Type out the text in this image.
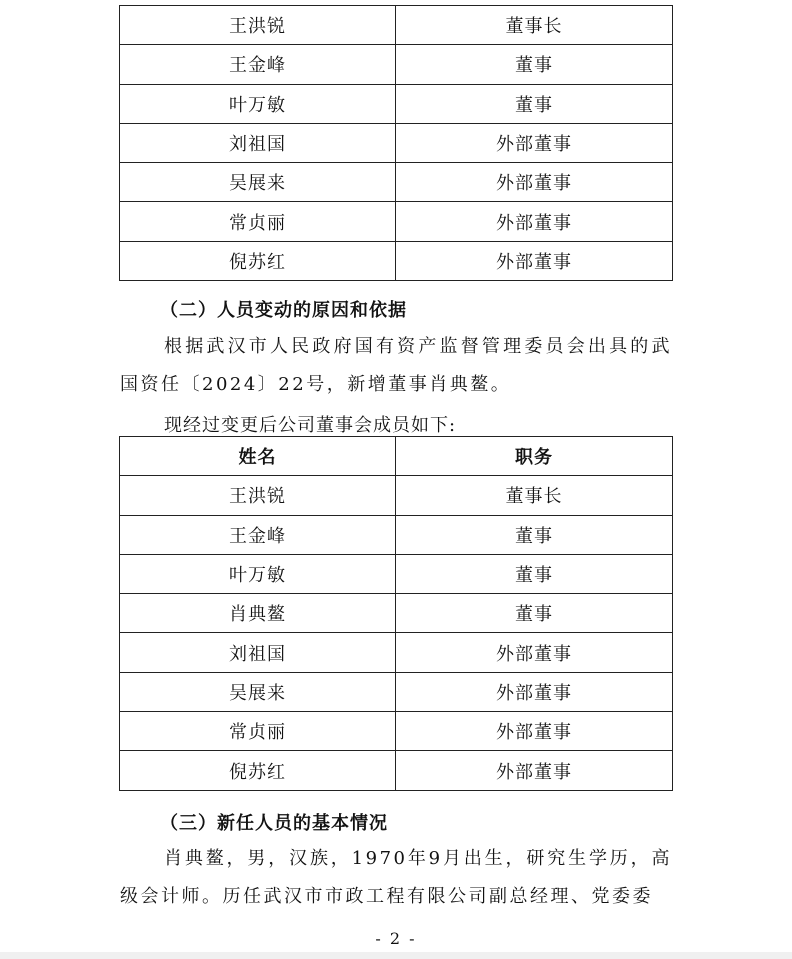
王洪锐	董事长
王金峰	董事
叶万敏	董事
刘祖国	外部董事
吴展来	外部董事
常贞丽	外部董事
倪苏红	外部董事
（二）人员变动的原因和依据

根据武汉市人民政府国有资产监督管理委员会出具的武国资任〔2024〕22号，新增董事肖典鳌。

现经过变更后公司董事会成员如下:
姓名	职务
王洪锐	董事长
王金峰	董事
叶万敏	董事
肖典鳌	董事
刘祖国	外部董事
吴展来	外部董事
常贞丽	外部董事
倪苏红	外部董事
（三）新任人员的基本情况

肖典鳌，男，汉族，1970年9月出生，研究生学历，高级会计师。历任武汉市市政工程有限公司副总经理、党委委

- 2 -
